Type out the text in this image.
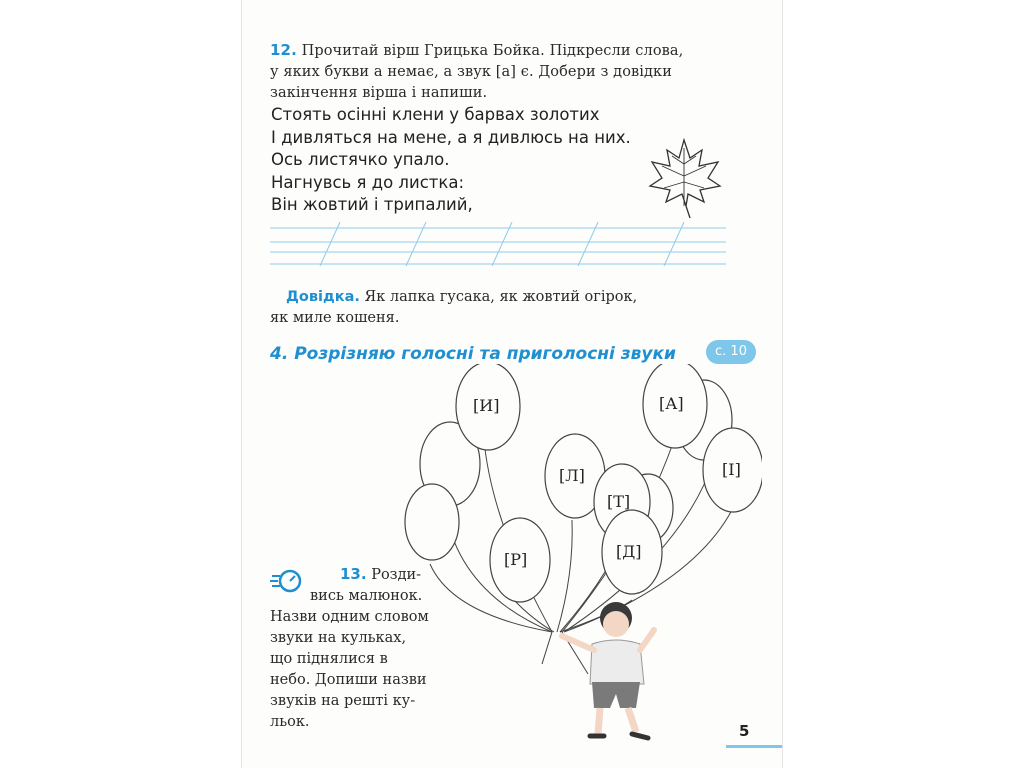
12. Прочитай вірш Грицька Бойка. Підкресли слова,
у яких букви а немає, а звук [а] є. Добери з довідки
закінчення вірша і напиши.
Стоять осінні клени у барвах золотих
І дивляться на мене, а я дивлюсь на них.
Ось листячко упало.
Нагнувсь я до листка:
Він жовтий і трипалий,
Довідка. Як лапка гусака, як жовтий огірок,
як миле кошеня.
4. Розрізняю голосні та приголосні звуки	с. 10
[И]	[А]
[І]
[Л]
[Т]
[Р]	[Д]
13. Розди-
вись малюнок.
Назви одним словом
звуки на кульках,
що піднялися в
небо. Допиши назви
звуків на решті ку-
льок.	5
